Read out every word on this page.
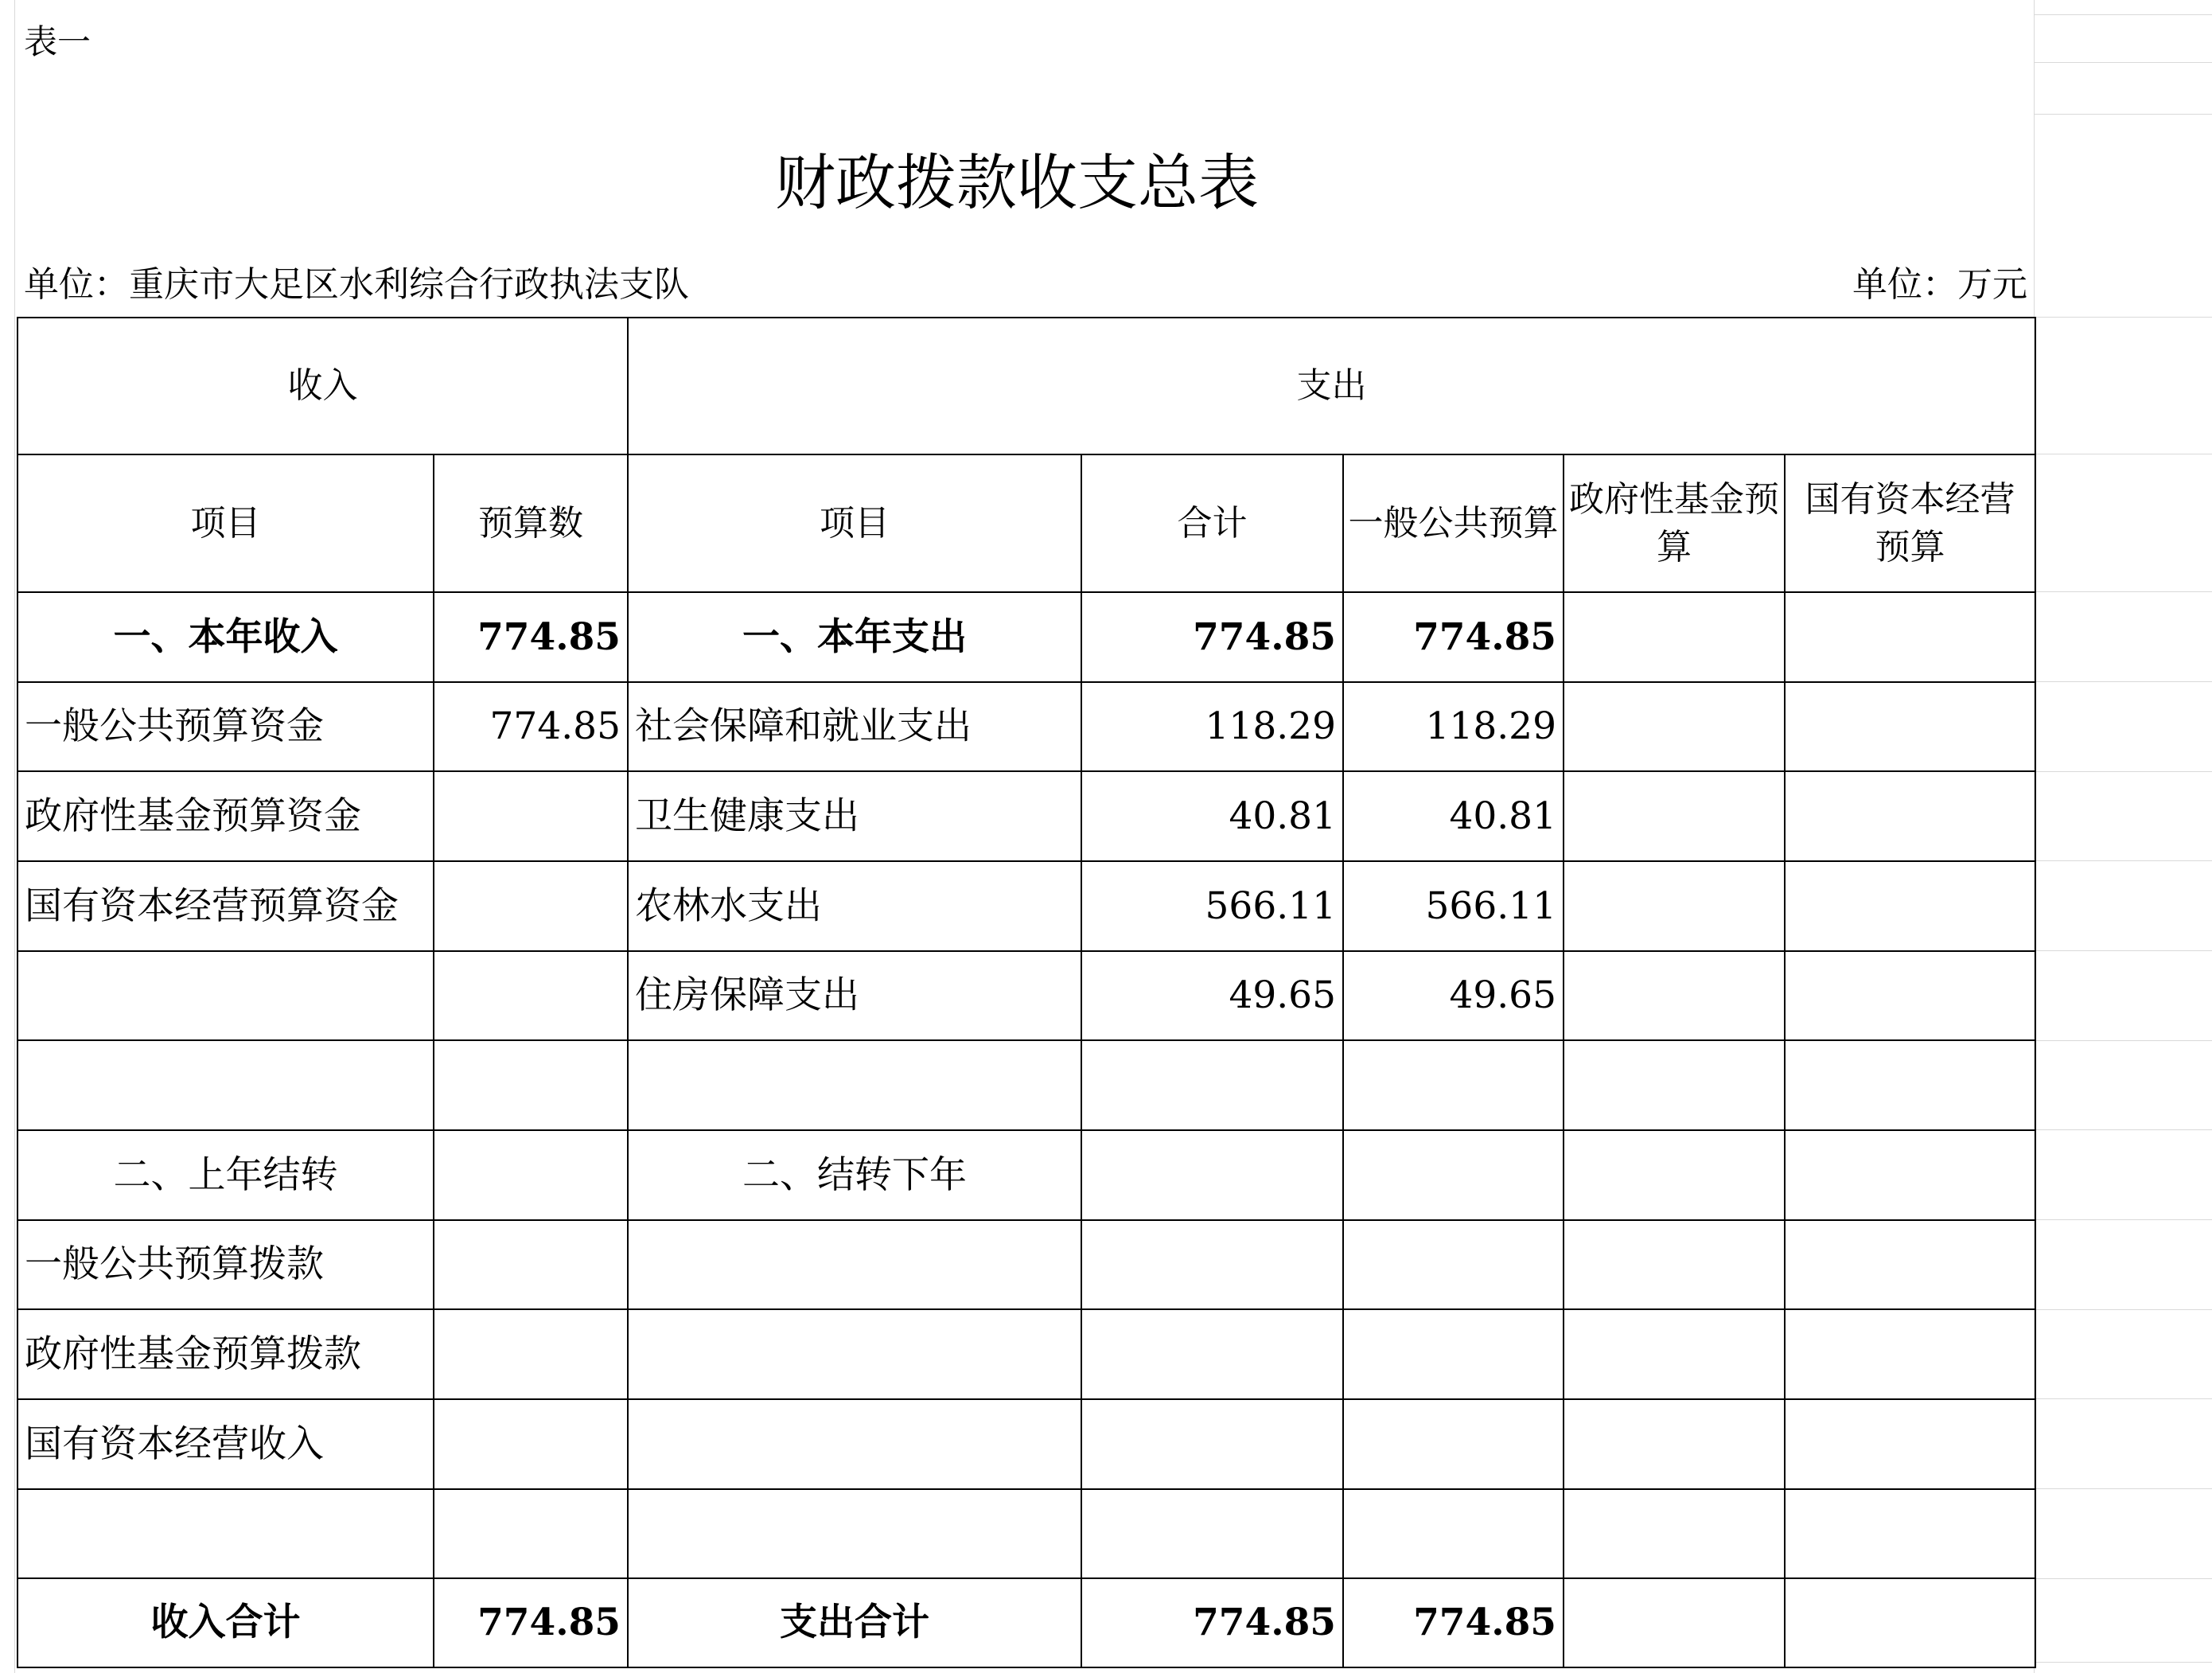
表一
财政拨款收支总表
单位：重庆市大足区水利综合行政执法支队	单位：万元
收入		支出				
项目	预算数	项目	合计	一般公共预算	政府性基金预算	国有资本经营预算
一、本年收入	774.85	一、本年支出	774.85	774.85		
一般公共预算资金	774.85	社会保障和就业支出	118.29	118.29		
政府性基金预算资金		卫生健康支出	40.81	40.81		
国有资本经营预算资金		农林水支出	566.11	566.11		
		住房保障支出	49.65	49.65		

二、上年结转		二、结转下年				
一般公共预算拨款						
政府性基金预算拨款						
国有资本经营收入						

收入合计	774.85	支出合计	774.85	774.85		
